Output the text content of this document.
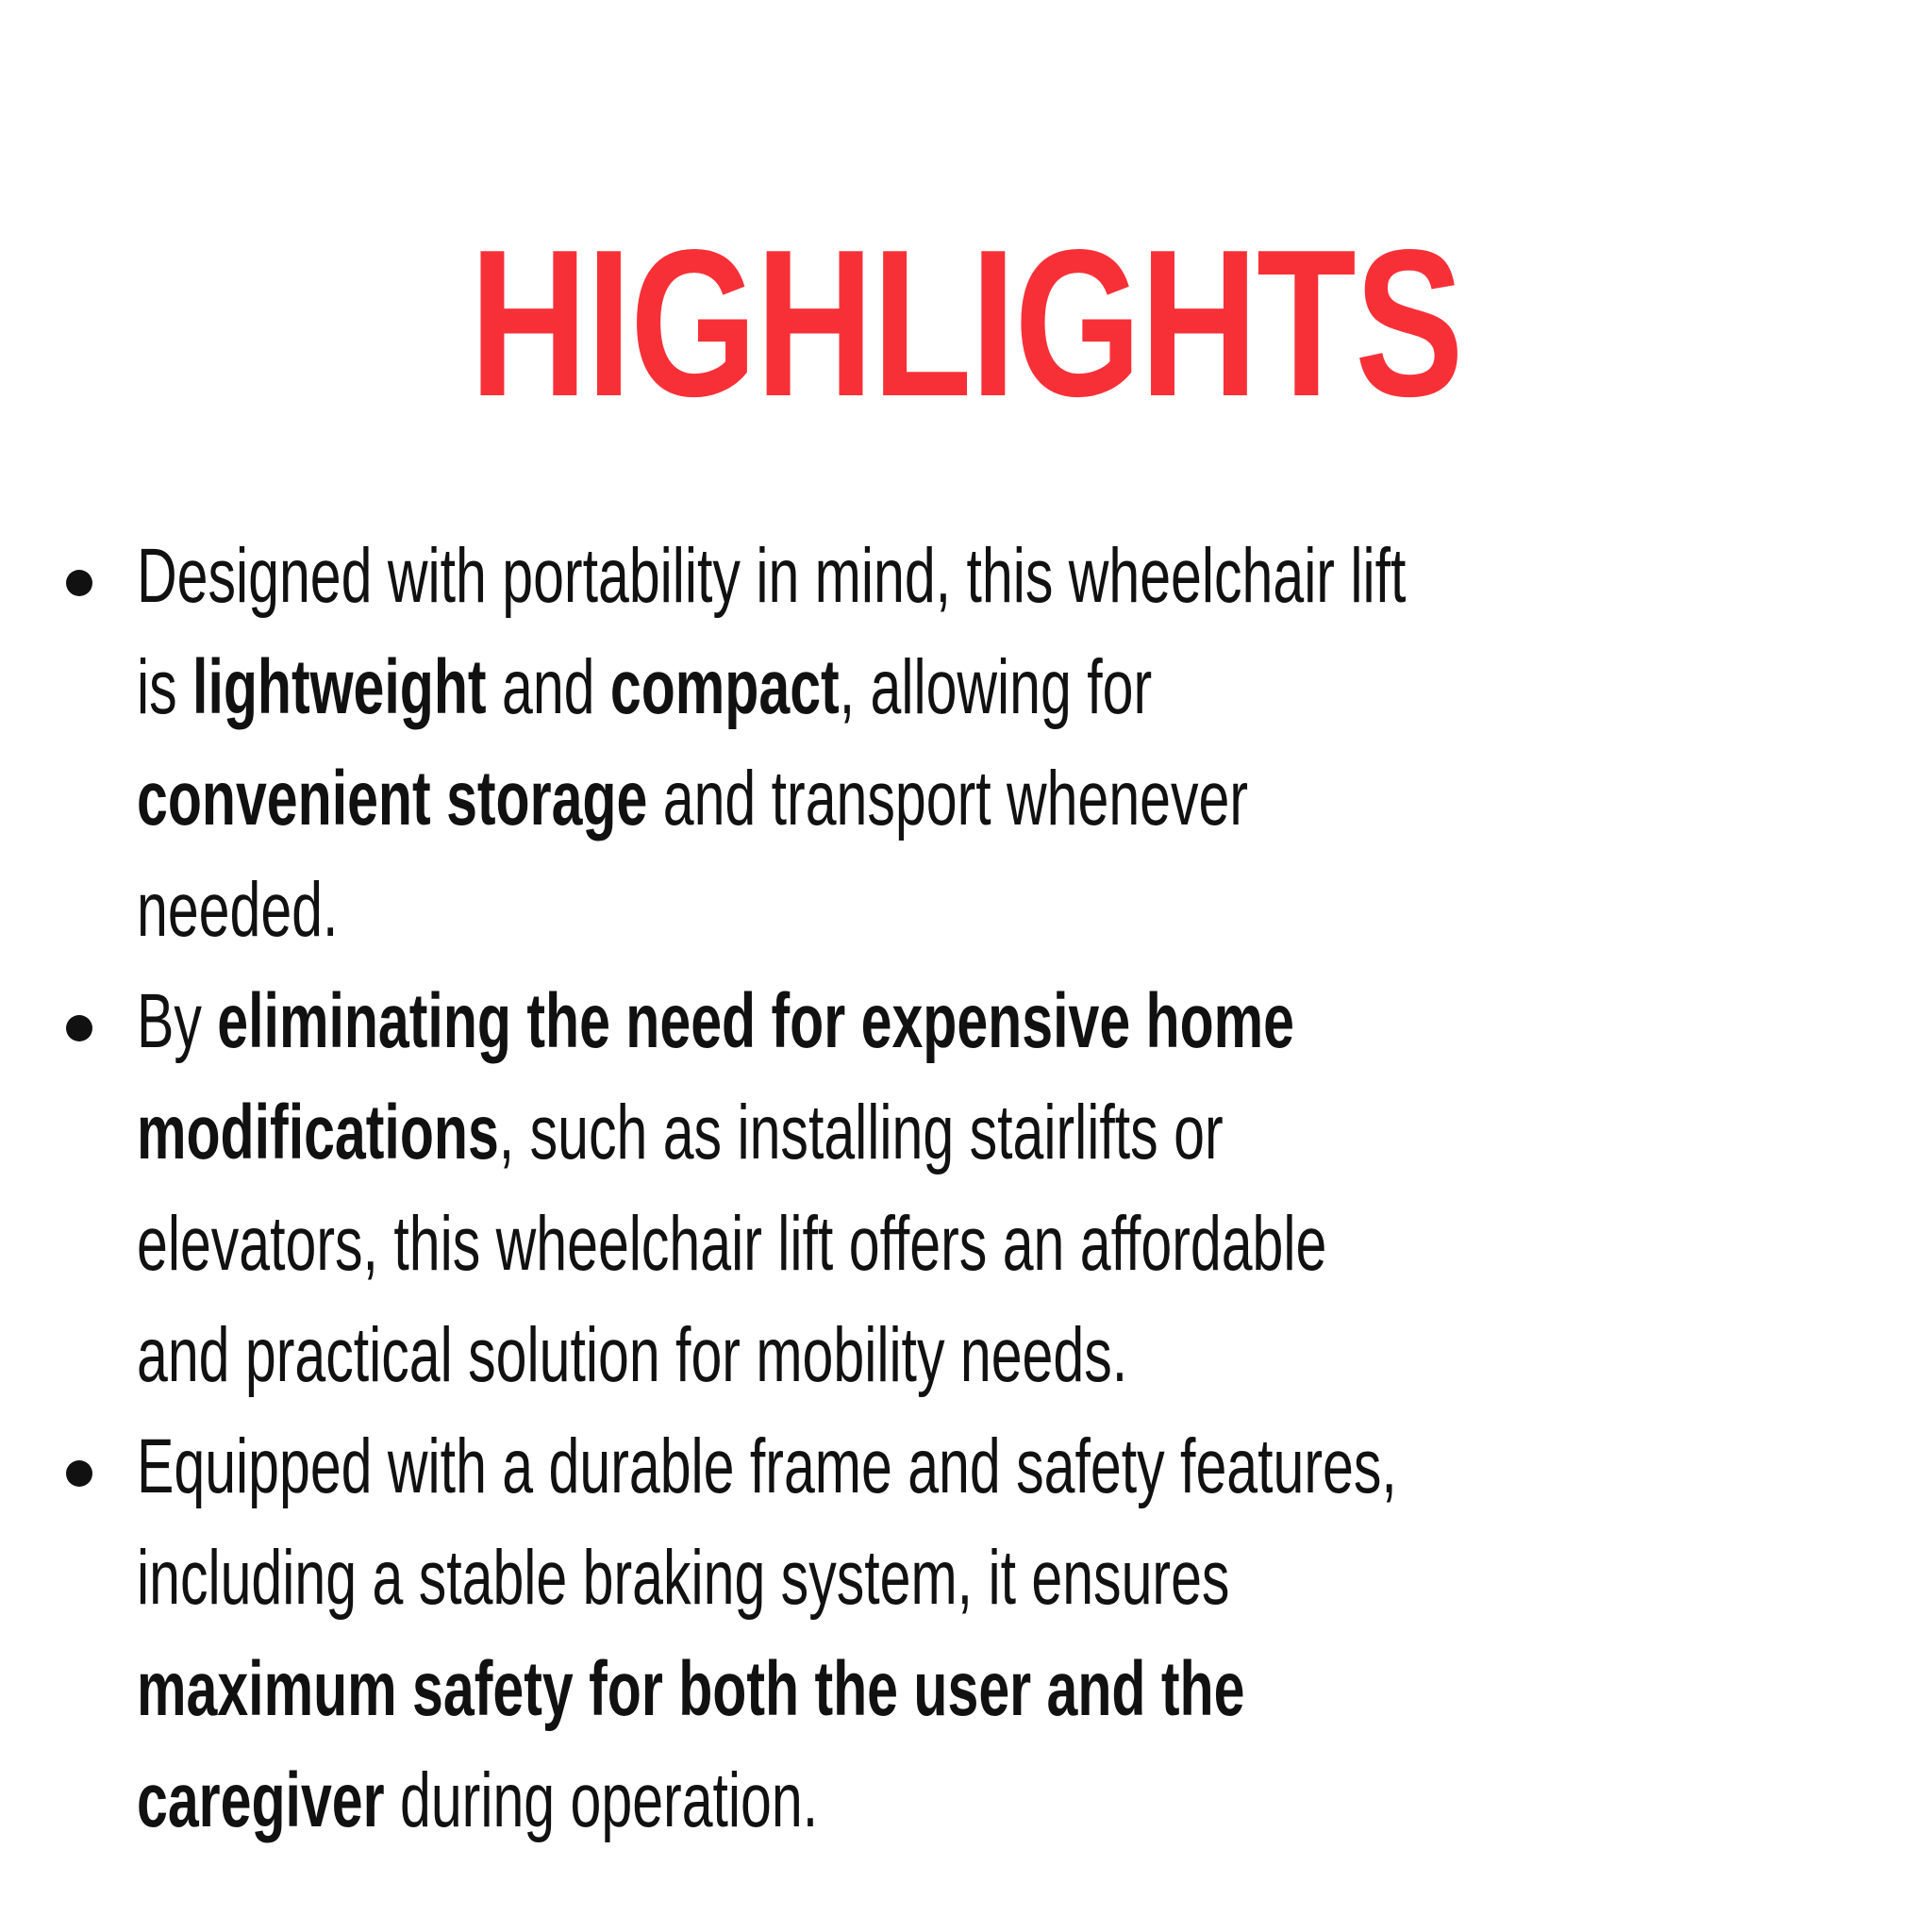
HIGHLIGHTS
Designed with portability in mind, this wheelchair lift is lightweight and compact, allowing for convenient storage and transport whenever needed.
By eliminating the need for expensive home modifications, such as installing stairlifts or elevators, this wheelchair lift offers an affordable and practical solution for mobility needs.
Equipped with a durable frame and safety features, including a stable braking system, it ensures maximum safety for both the user and the caregiver during operation.
